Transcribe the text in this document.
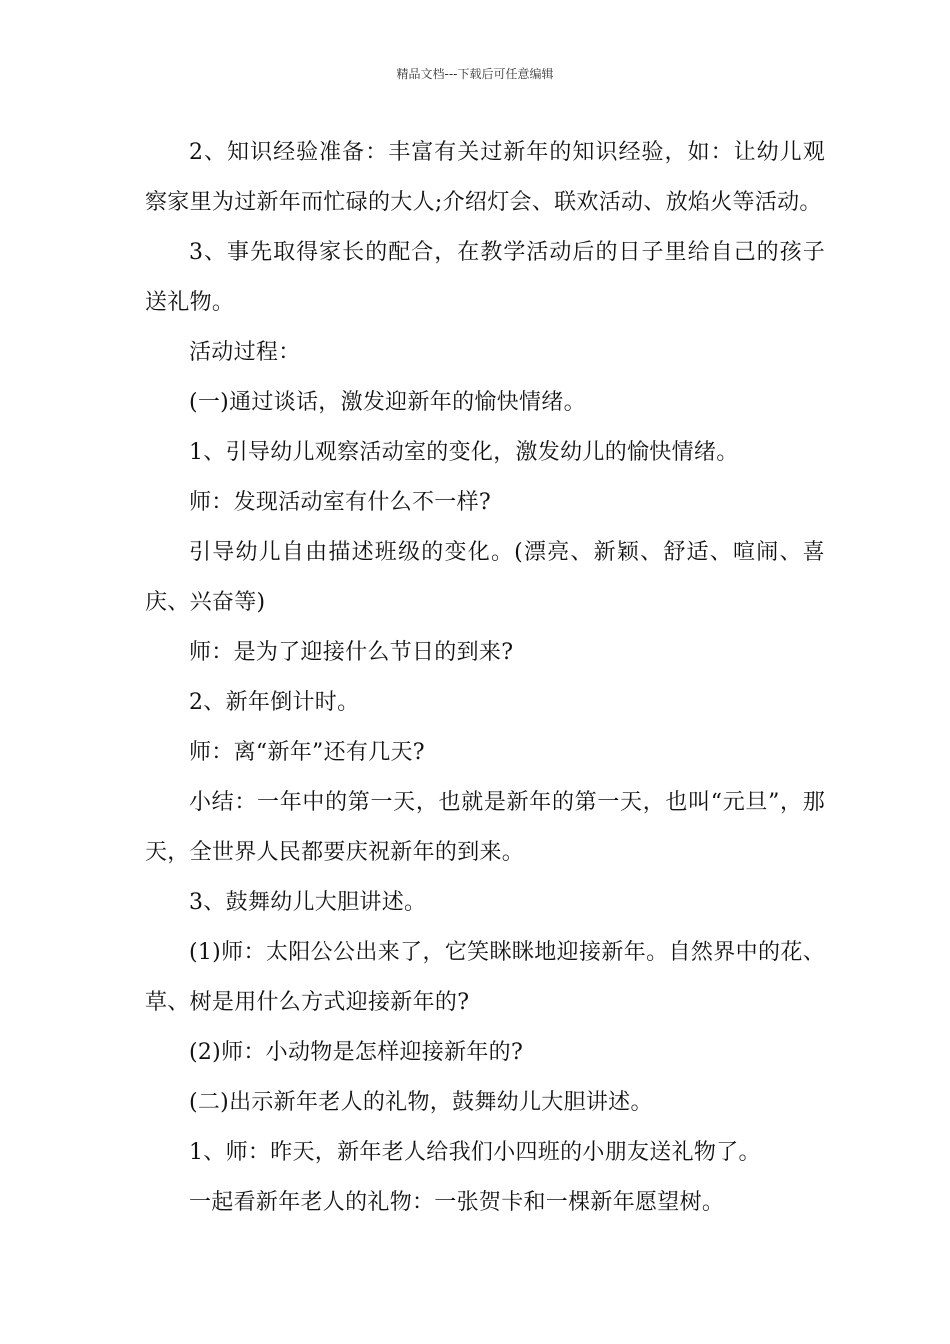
精品文档---下载后可任意编辑

2、知识经验准备：丰富有关过新年的知识经验，如：让幼儿观察家里为过新年而忙碌的大人;介绍灯会、联欢活动、放焰火等活动。

3、事先取得家长的配合，在教学活动后的日子里给自己的孩子送礼物。

活动过程：

(一)通过谈话，激发迎新年的愉快情绪。

1、引导幼儿观察活动室的变化，激发幼儿的愉快情绪。

师：发现活动室有什么不一样?

引导幼儿自由描述班级的变化。(漂亮、新颖、舒适、喧闹、喜庆、兴奋等)

师：是为了迎接什么节日的到来?

2、新年倒计时。

师：离“新年”还有几天?

小结：一年中的第一天，也就是新年的第一天，也叫“元旦”，那天，全世界人民都要庆祝新年的到来。

3、鼓舞幼儿大胆讲述。

(1)师：太阳公公出来了，它笑眯眯地迎接新年。自然界中的花、草、树是用什么方式迎接新年的?

(2)师：小动物是怎样迎接新年的?

(二)出示新年老人的礼物，鼓舞幼儿大胆讲述。

1、师：昨天，新年老人给我们小四班的小朋友送礼物了。

一起看新年老人的礼物：一张贺卡和一棵新年愿望树。
